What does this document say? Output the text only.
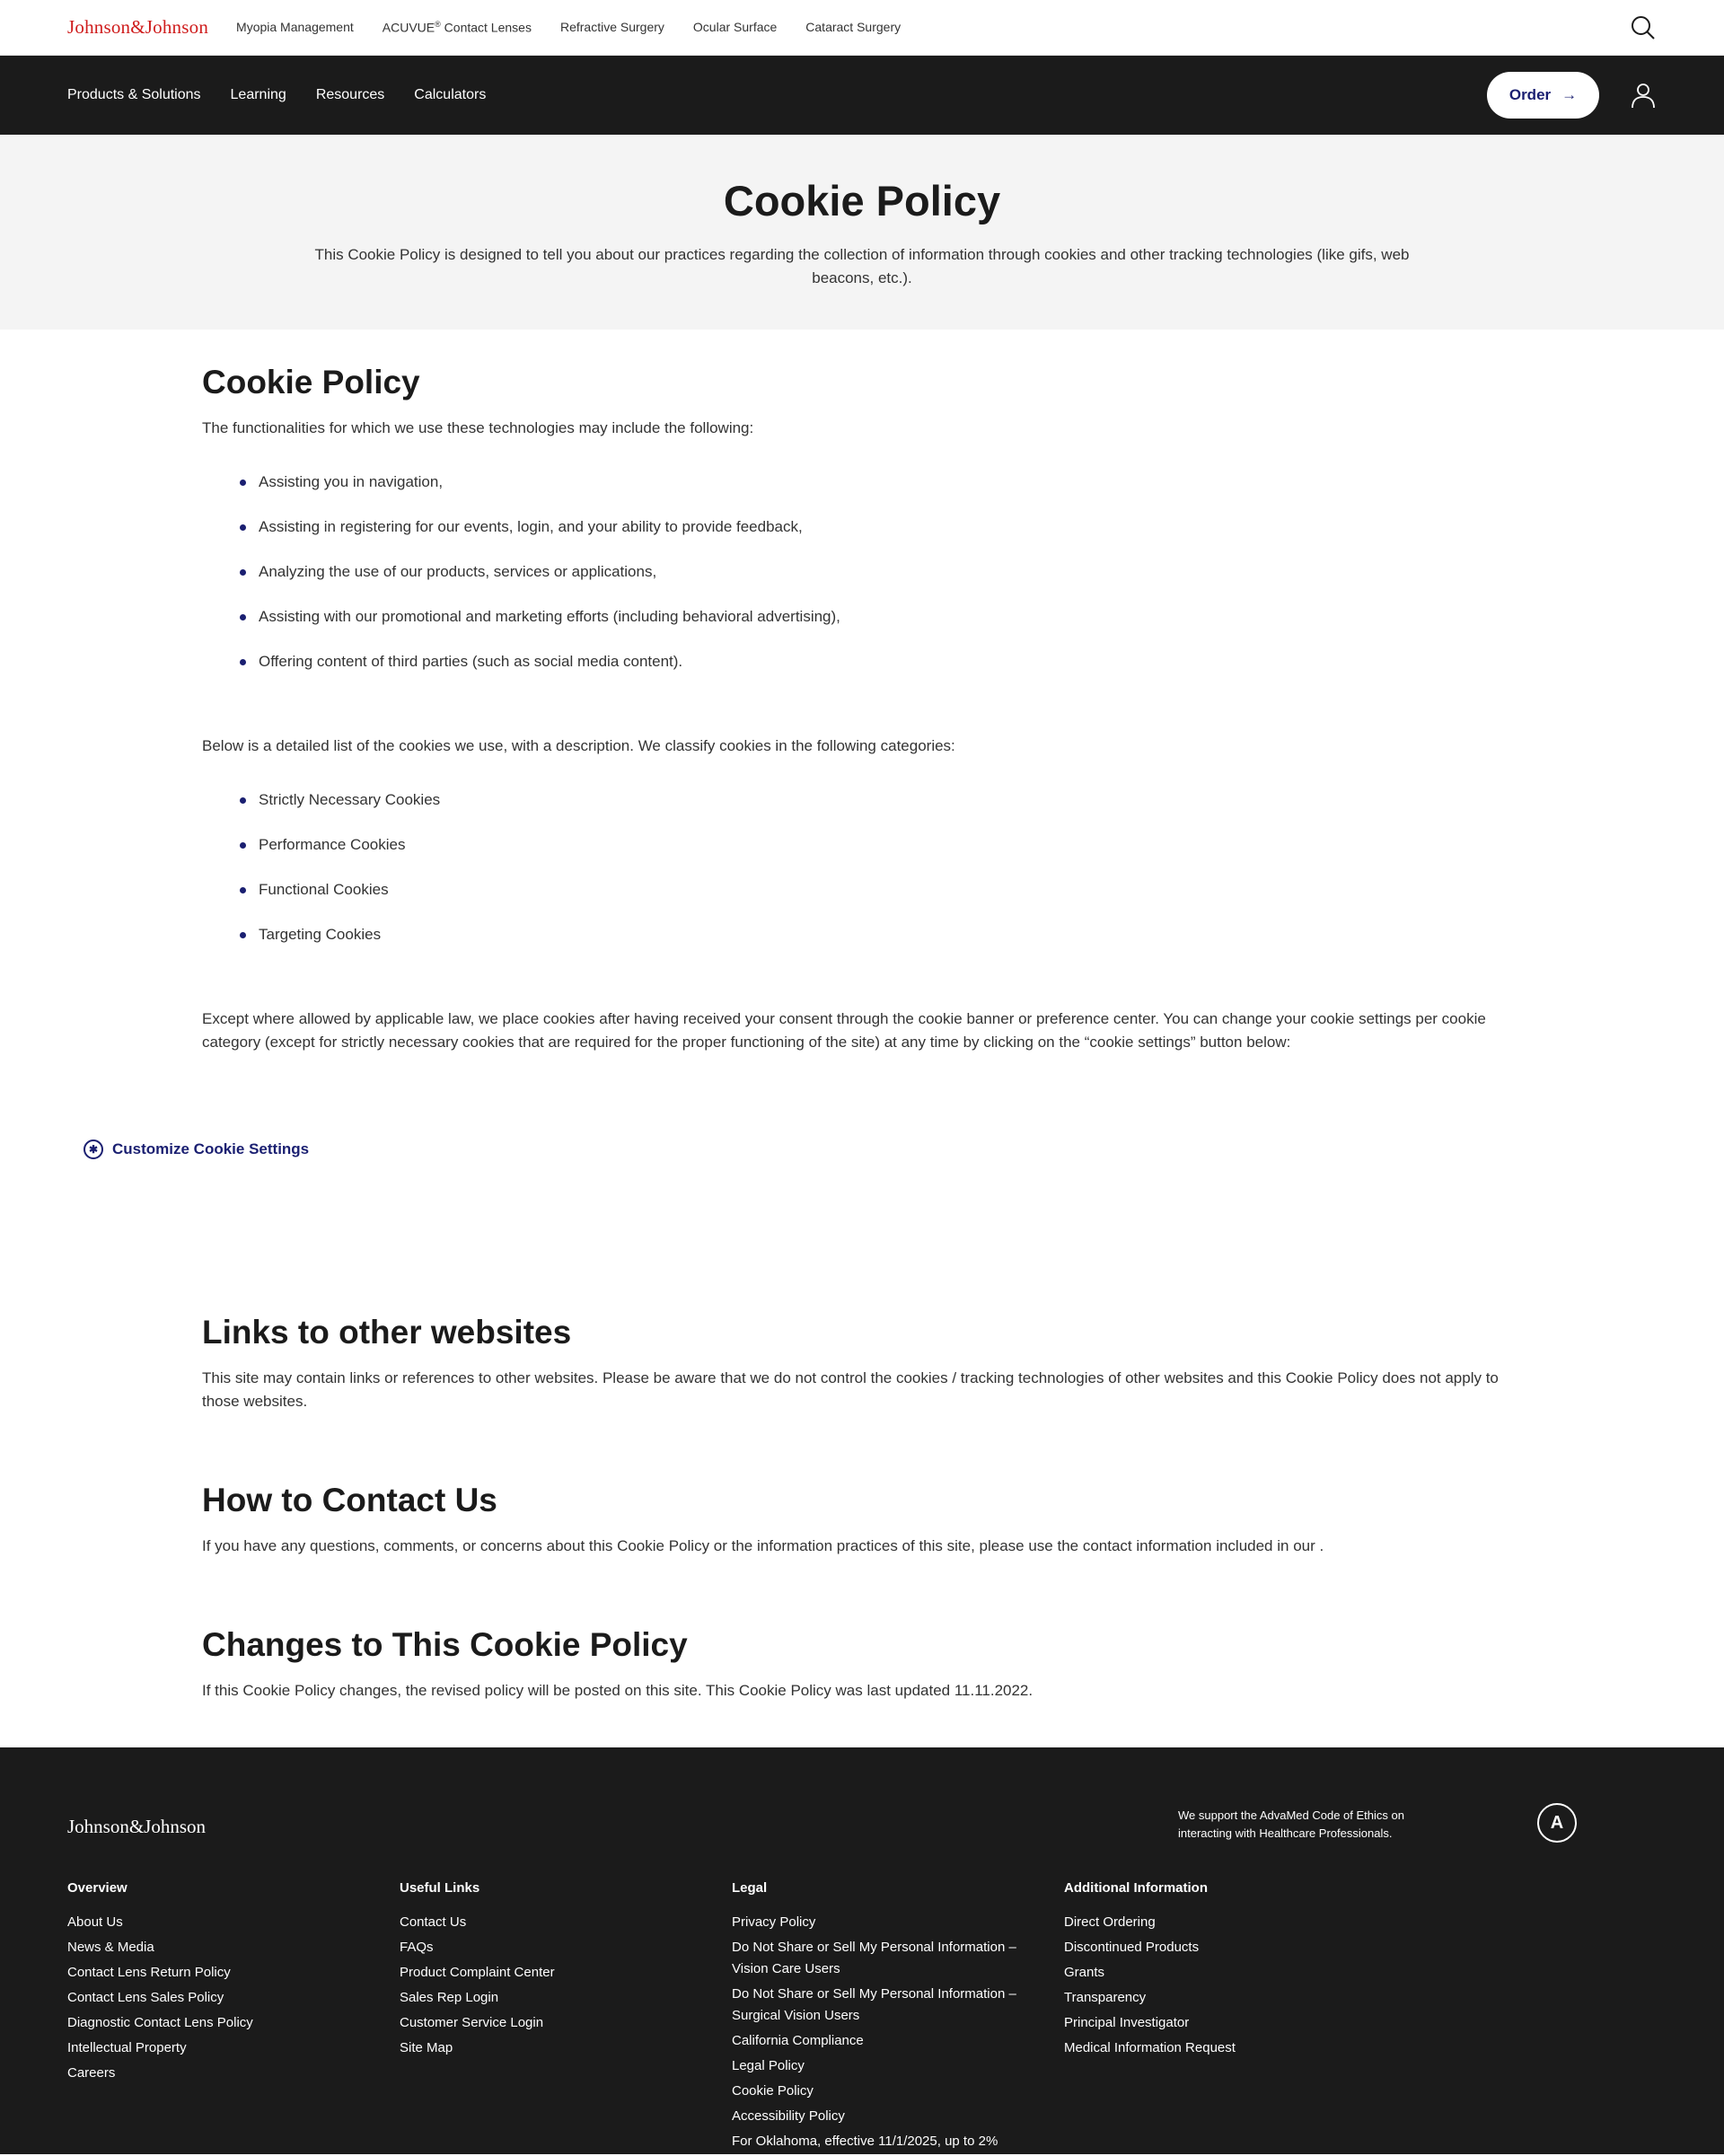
Johnson&Johnson Myopia Management ACUVUE® Contact Lenses Refractive Surgery Ocular Surface Cataract Surgery
Products & Solutions Learning Resources Calculators	Order →
Cookie Policy

This Cookie Policy is designed to tell you about our practices regarding the collection of information through cookies and other tracking technologies (like gifs, web beacons, etc.).

Cookie Policy

The functionalities for which we use these technologies may include the following:

Assisting you in navigation,
Assisting in registering for our events, login, and your ability to provide feedback,
Analyzing the use of our products, services or applications,
Assisting with our promotional and marketing efforts (including behavioral advertising),
Offering content of third parties (such as social media content).

Below is a detailed list of the cookies we use, with a description. We classify cookies in the following categories:

Strictly Necessary Cookies
Performance Cookies
Functional Cookies
Targeting Cookies

Except where allowed by applicable law, we place cookies after having received your consent through the cookie banner or preference center. You can change your cookie settings per cookie category (except for strictly necessary cookies that are required for the proper functioning of the site) at any time by clicking on the “cookie settings” button below:

Links to other websites

This site may contain links or references to other websites. Please be aware that we do not control the cookies / tracking technologies of other websites and this Cookie Policy does not apply to those websites.

How to Contact Us

If you have any questions, comments, or concerns about this Cookie Policy or the information practices of this site, please use the contact information included in our .

Changes to This Cookie Policy

If this Cookie Policy changes, the revised policy will be posted on this site. This Cookie Policy was last updated 11.11.2022.

✱ Customize Cookie Settings
Johnson&Johnson
We support the AdvaMed Code of Ethics on interacting with Healthcare Professionals.
A
Overview
About Us
News & Media
Contact Lens Return Policy
Contact Lens Sales Policy
Diagnostic Contact Lens Policy
Intellectual Property
Careers
Useful Links
Contact Us
FAQs
Product Complaint Center
Sales Rep Login
Customer Service Login
Site Map
Legal
Privacy Policy
Do Not Share or Sell My Personal Information – Vision Care Users
Do Not Share or Sell My Personal Information – Surgical Vision Users
California Compliance
Legal Policy
Cookie Policy
Accessibility Policy
For Oklahoma, effective 11/1/2025, up to 2%
Additional Information
Direct Ordering
Discontinued Products
Grants
Transparency
Principal Investigator
Medical Information Request
